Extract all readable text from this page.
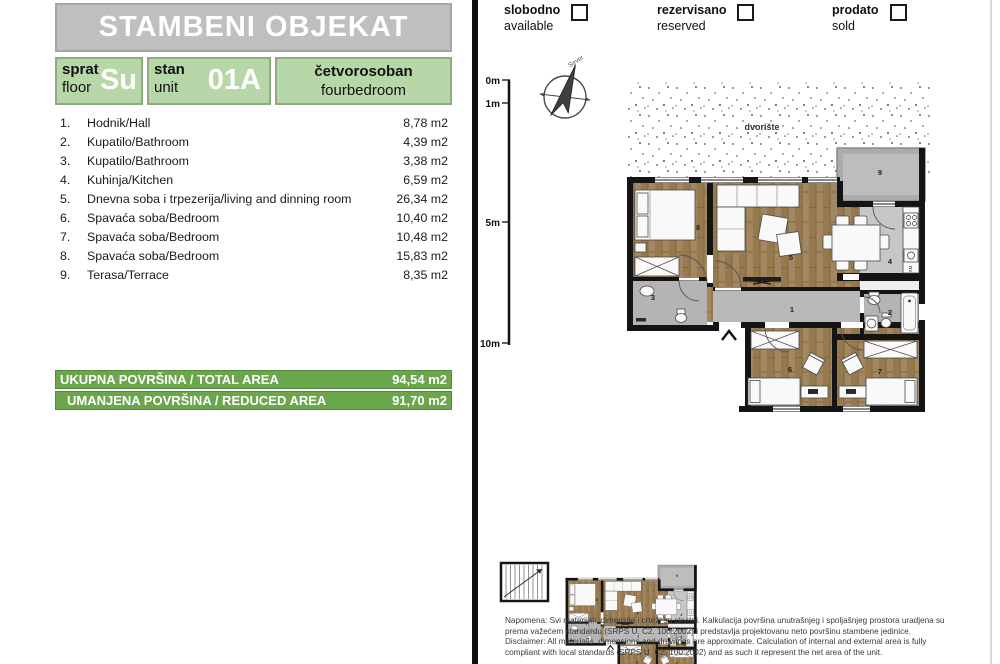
STAMBENI OBJEKAT
sprat
floor Su stan
unit 01A	četvorosoban
fourbedroom
1.	Hodnik/Hall	8,78 m2
2.	Kupatilo/Bathroom	4,39 m2
3.	Kupatilo/Bathroom	3,38 m2
4.	Kuhinja/Kitchen	6,59 m2
5.	Dnevna soba i trpezerija/living and dinning room	26,34 m2
6.	Spavaća soba/Bedroom	10,40 m2
7.	Spavaća soba/Bedroom	10,48 m2
8.	Spavaća soba/Bedroom	15,83 m2
9.	Terasa/Terrace	8,35 m2
UKUPNA POVRŠINA / TOTAL AREA	94,54 m2
UMANJENA POVRŠINA / REDUCED AREA	91,70 m2
slobodno
available
rezervisano
reserved
prodato
sold
0m
1m
5m
10m
Sever
dvorište
SM
1	2
3
4
5
6	7
8
9
Napomena: Svi materijali, dimenzije i crteži su okvirni. Kalkulacija površina unutrašnjeg i spoljašnjeg prostora uradjena su
prema važećem standardu (SRPS U. C2. 100:2002) i predstavlja projektovanu neto površinu stambene jedinice.
Disclaimer: All materialls, dimensions and drawings are approximate. Calculation of internal and external area is fully
compliant with local standards (SRPS U. C2. 100:2002) and as such it represent the net area of the unit.
